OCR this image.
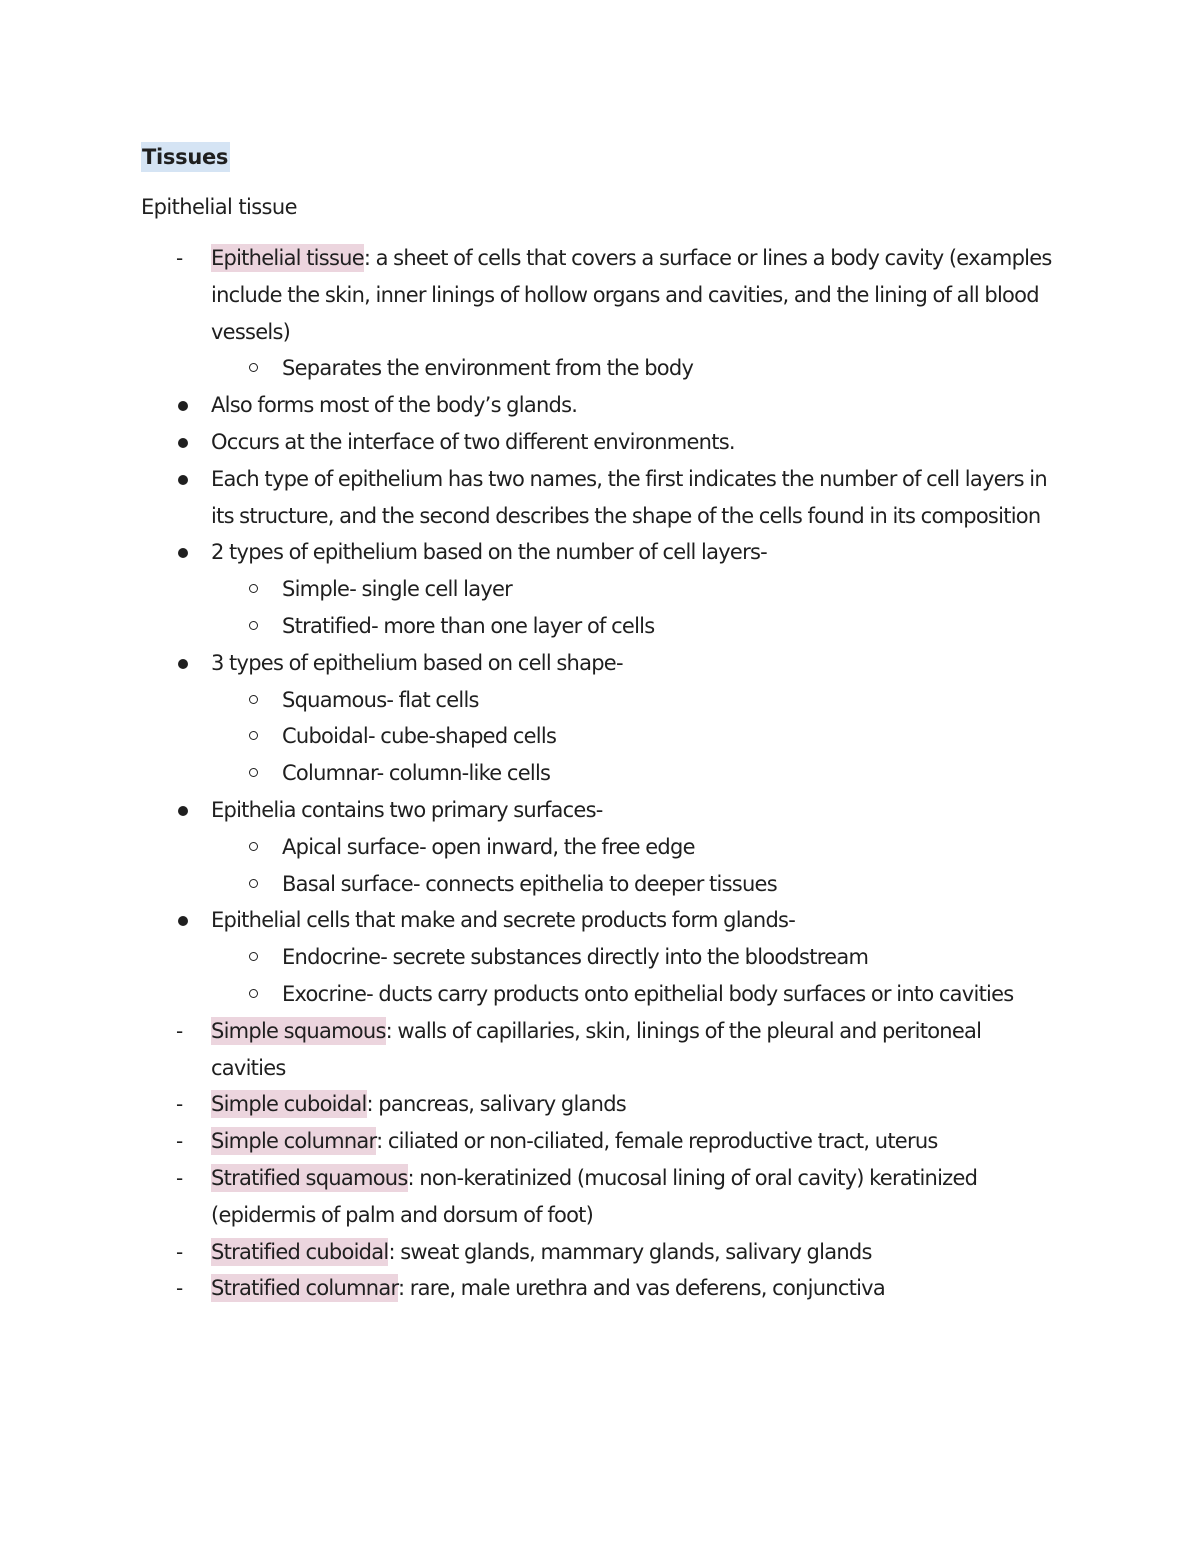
Tissues
Epithelial tissue
- Epithelial tissue: a sheet of cells that covers a surface or lines a body cavity (examples include the skin, inner linings of hollow organs and cavities, and the lining of all blood vessels)
Separates the environment from the body
Also forms most of the body’s glands.
Occurs at the interface of two different environments.
Each type of epithelium has two names, the first indicates the number of cell layers in its structure, and the second describes the shape of the cells found in its composition
2 types of epithelium based on the number of cell layers-
Simple- single cell layer
Stratified- more than one layer of cells
3 types of epithelium based on cell shape-
Squamous- flat cells
Cuboidal- cube-shaped cells
Columnar- column-like cells
Epithelia contains two primary surfaces-
Apical surface- open inward, the free edge
Basal surface- connects epithelia to deeper tissues
Epithelial cells that make and secrete products form glands-
Endocrine- secrete substances directly into the bloodstream
Exocrine- ducts carry products onto epithelial body surfaces or into cavities
- Simple squamous: walls of capillaries, skin, linings of the pleural and peritoneal cavities
- Simple cuboidal: pancreas, salivary glands
- Simple columnar: ciliated or non-ciliated, female reproductive tract, uterus
- Stratified squamous: non-keratinized (mucosal lining of oral cavity) keratinized (epidermis of palm and dorsum of foot)
- Stratified cuboidal: sweat glands, mammary glands, salivary glands
- Stratified columnar: rare, male urethra and vas deferens, conjunctiva
